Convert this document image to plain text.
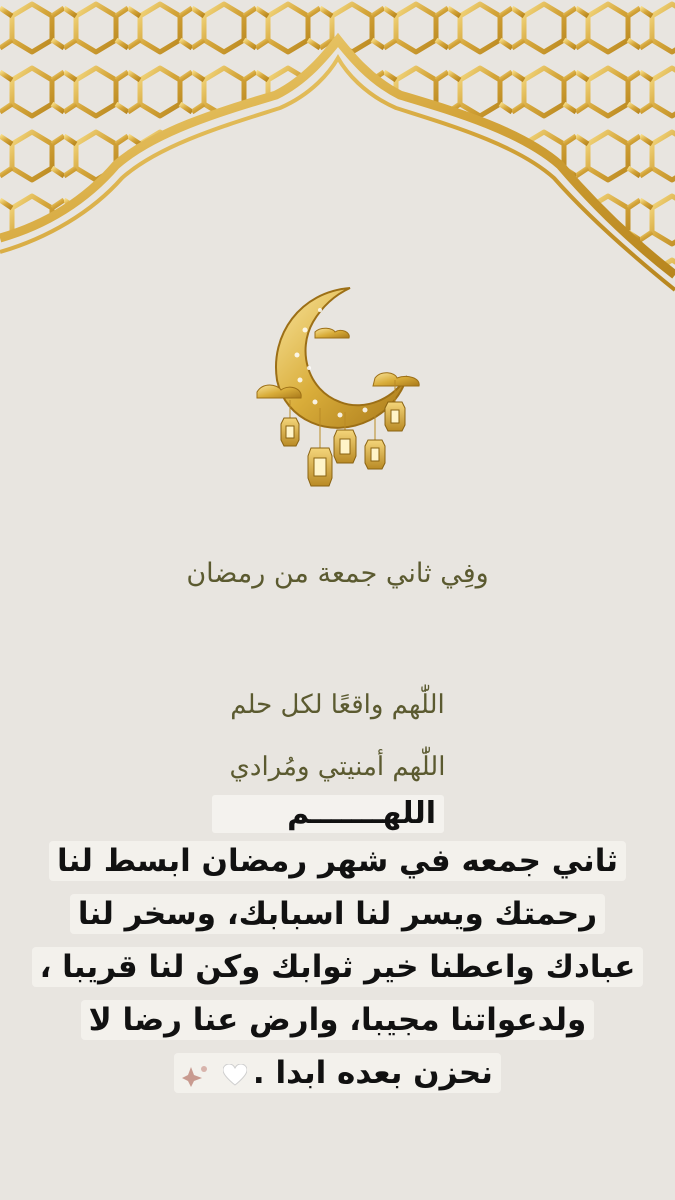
وفِي ثاني جمعة من رمضان
اللّٰهم واقعًا لكل حلم
اللّٰهم أمنيتي ومُرادي
اللهـــــــم
ثاني جمعه في شهر رمضان ابسط لنا
رحمتك ويسر لنا اسبابك، وسخر لنا
عبادك واعطنا خير ثوابك وكن لنا قريبا ،
ولدعواتنا مجيبا، وارض عنا رضا لا
نحزن بعده ابدا .
